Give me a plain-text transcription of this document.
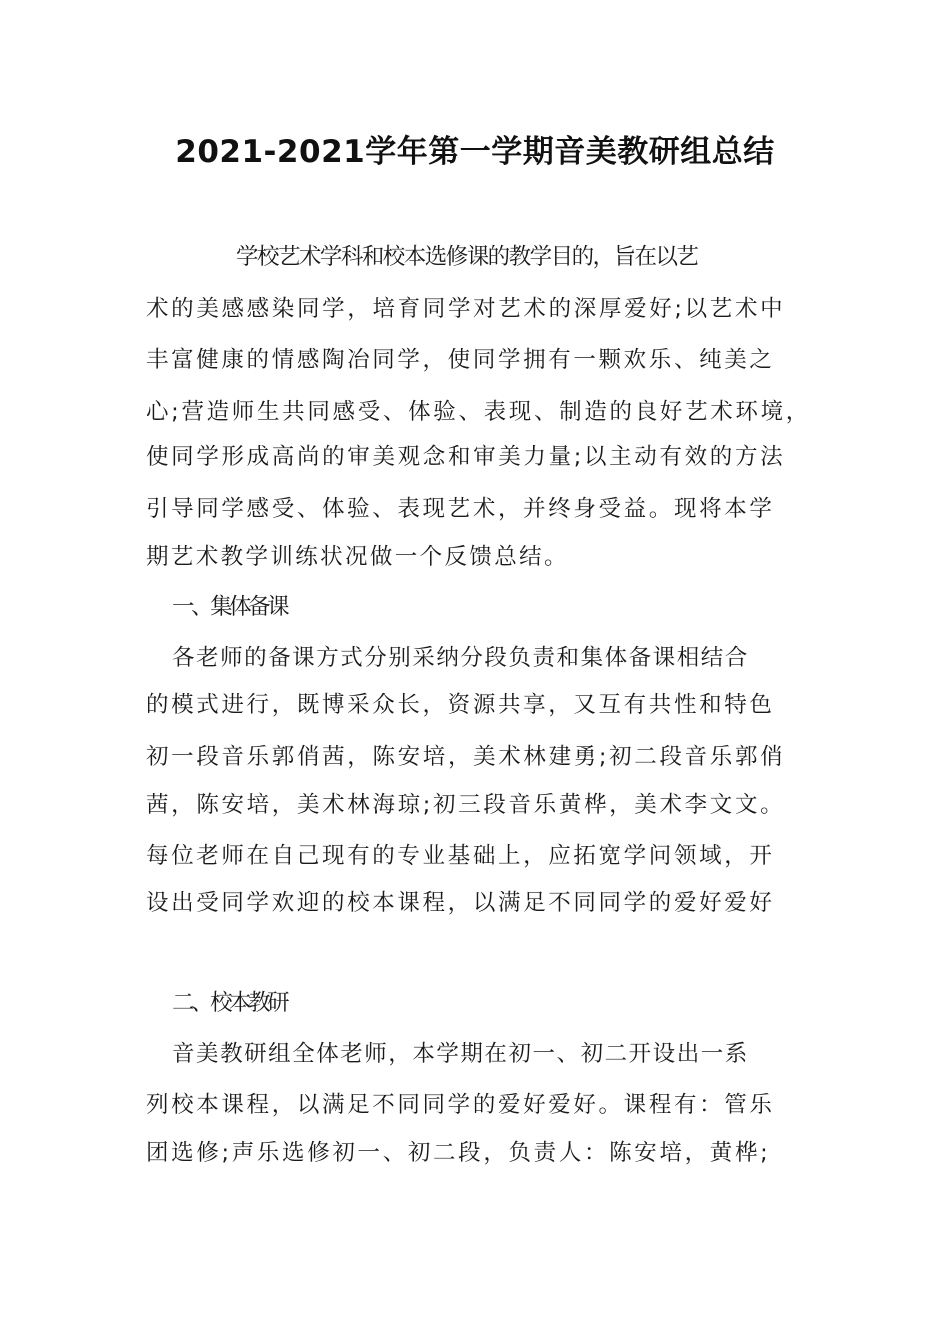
2021-2021学年第一学期音美教研组总结
学校艺术学科和校本选修课的教学目的，旨在以艺
术的美感感染同学，培育同学对艺术的深厚爱好;以艺术中
丰富健康的情感陶冶同学，使同学拥有一颗欢乐、纯美之
心;营造师生共同感受、体验、表现、制造的良好艺术环境，
使同学形成高尚的审美观念和审美力量;以主动有效的方法
引导同学感受、体验、表现艺术，并终身受益。现将本学
期艺术教学训练状况做一个反馈总结。
一、集体备课
各老师的备课方式分别采纳分段负责和集体备课相结合
的模式进行，既博采众长，资源共享，又互有共性和特色
初一段音乐郭俏茜，陈安培，美术林建勇;初二段音乐郭俏
茜，陈安培，美术林海琼;初三段音乐黄桦，美术李文文。
每位老师在自己现有的专业基础上，应拓宽学问领域，开
设出受同学欢迎的校本课程，以满足不同同学的爱好爱好
二、校本教研
音美教研组全体老师，本学期在初一、初二开设出一系
列校本课程，以满足不同同学的爱好爱好。课程有：管乐
团选修;声乐选修初一、初二段，负责人：陈安培，黄桦;
